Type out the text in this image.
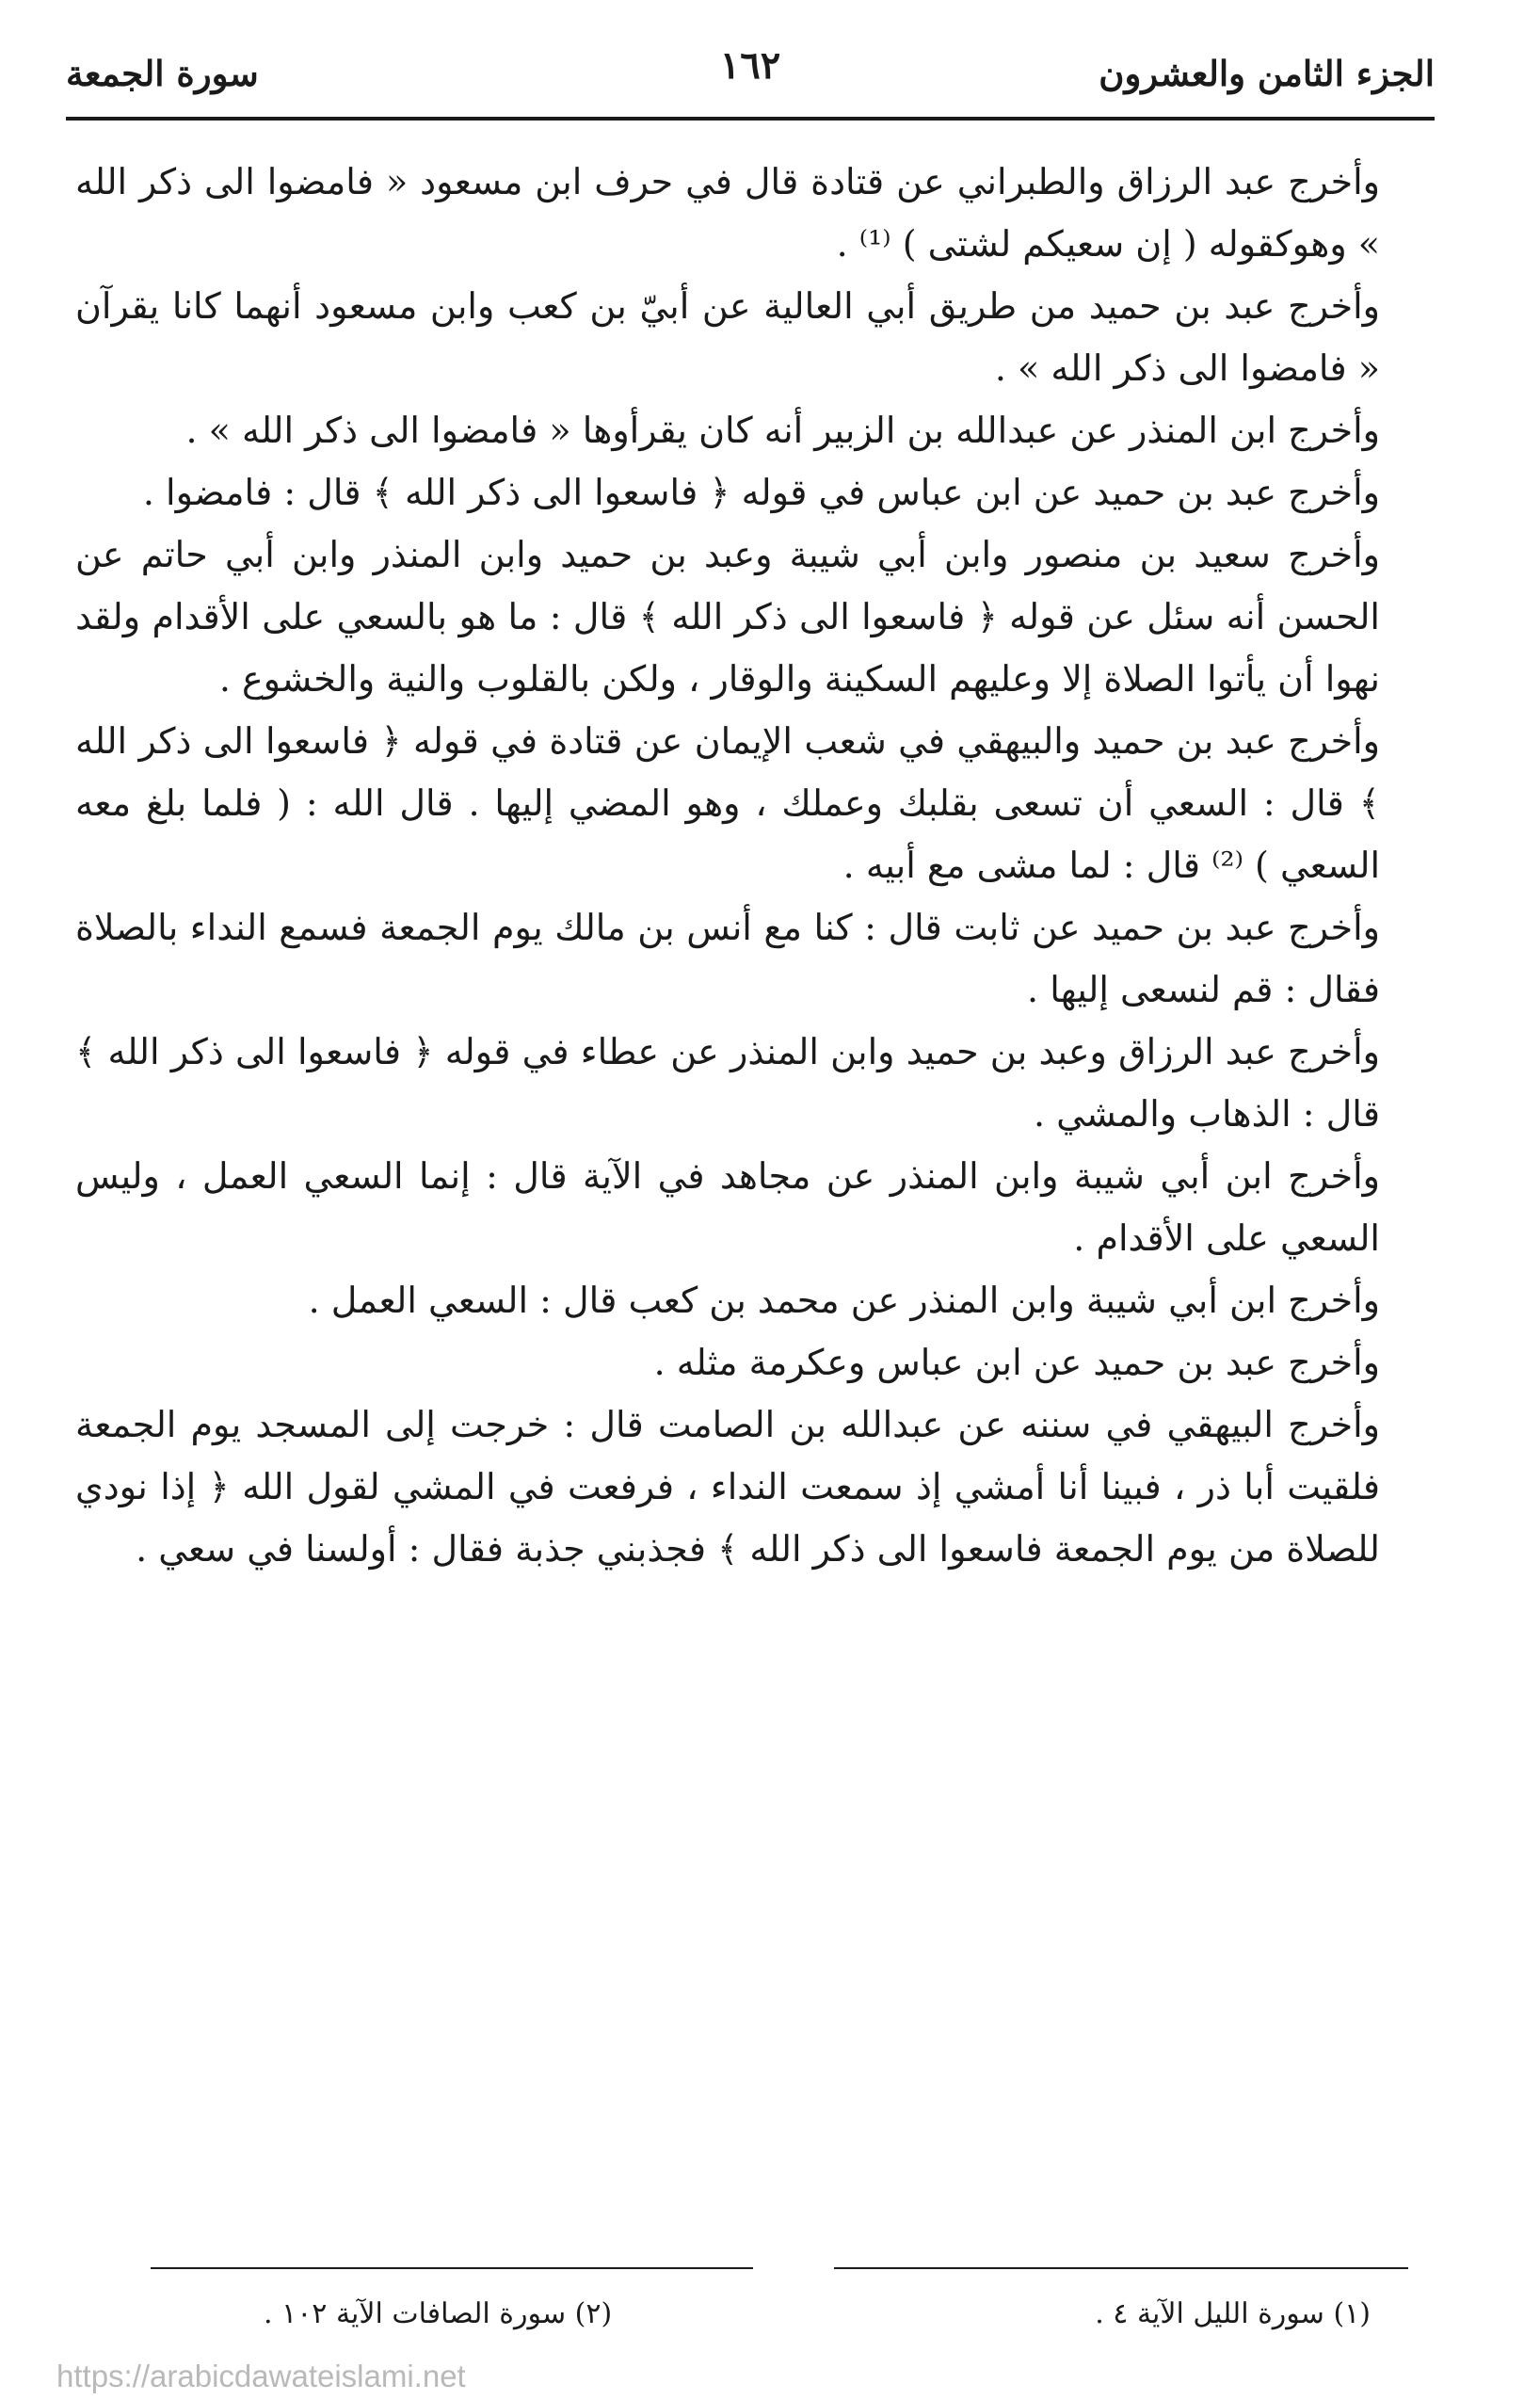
الجزء الثامن والعشرون
١٦٢
سورة الجمعة

وأخرج عبد الرزاق والطبراني عن قتادة قال في حرف ابن مسعود « فامضوا الى ذكر الله » وهوكقوله ( إن سعيكم لشتى ) ⁽¹⁾ .

وأخرج عبد بن حميد من طريق أبي العالية عن أبيّ بن كعب وابن مسعود أنهما كانا يقرآن « فامضوا الى ذكر الله » .

وأخرج ابن المنذر عن عبدالله بن الزبير أنه كان يقرأوها « فامضوا الى ذكر الله » .

وأخرج عبد بن حميد عن ابن عباس في قوله ﴿ فاسعوا الى ذكر الله ﴾ قال : فامضوا .

وأخرج سعيد بن منصور وابن أبي شيبة وعبد بن حميد وابن المنذر وابن أبي حاتم عن الحسن أنه سئل عن قوله ﴿ فاسعوا الى ذكر الله ﴾ قال : ما هو بالسعي على الأقدام ولقد نهوا أن يأتوا الصلاة إلا وعليهم السكينة والوقار ، ولكن بالقلوب والنية والخشوع .

وأخرج عبد بن حميد والبيهقي في شعب الإيمان عن قتادة في قوله ﴿ فاسعوا الى ذكر الله ﴾ قال : السعي أن تسعى بقلبك وعملك ، وهو المضي إليها . قال الله : ( فلما بلغ معه السعي ) ⁽²⁾ قال : لما مشى مع أبيه .

وأخرج عبد بن حميد عن ثابت قال : كنا مع أنس بن مالك يوم الجمعة فسمع النداء بالصلاة فقال : قم لنسعى إليها .

وأخرج عبد الرزاق وعبد بن حميد وابن المنذر عن عطاء في قوله ﴿ فاسعوا الى ذكر الله ﴾ قال : الذهاب والمشي .

وأخرج ابن أبي شيبة وابن المنذر عن مجاهد في الآية قال : إنما السعي العمل ، وليس السعي على الأقدام .

وأخرج ابن أبي شيبة وابن المنذر عن محمد بن كعب قال : السعي العمل .

وأخرج عبد بن حميد عن ابن عباس وعكرمة مثله .

وأخرج البيهقي في سننه عن عبدالله بن الصامت قال : خرجت إلى المسجد يوم الجمعة فلقيت أبا ذر ، فبينا أنا أمشي إذ سمعت النداء ، فرفعت في المشي لقول الله ﴿ إذا نودي للصلاة من يوم الجمعة فاسعوا الى ذكر الله ﴾ فجذبني جذبة فقال : أولسنا في سعي .

(١) سورة الليل الآية ٤ .
(٢) سورة الصافات الآية ١٠٢ .
https://arabicdawateislami.net
